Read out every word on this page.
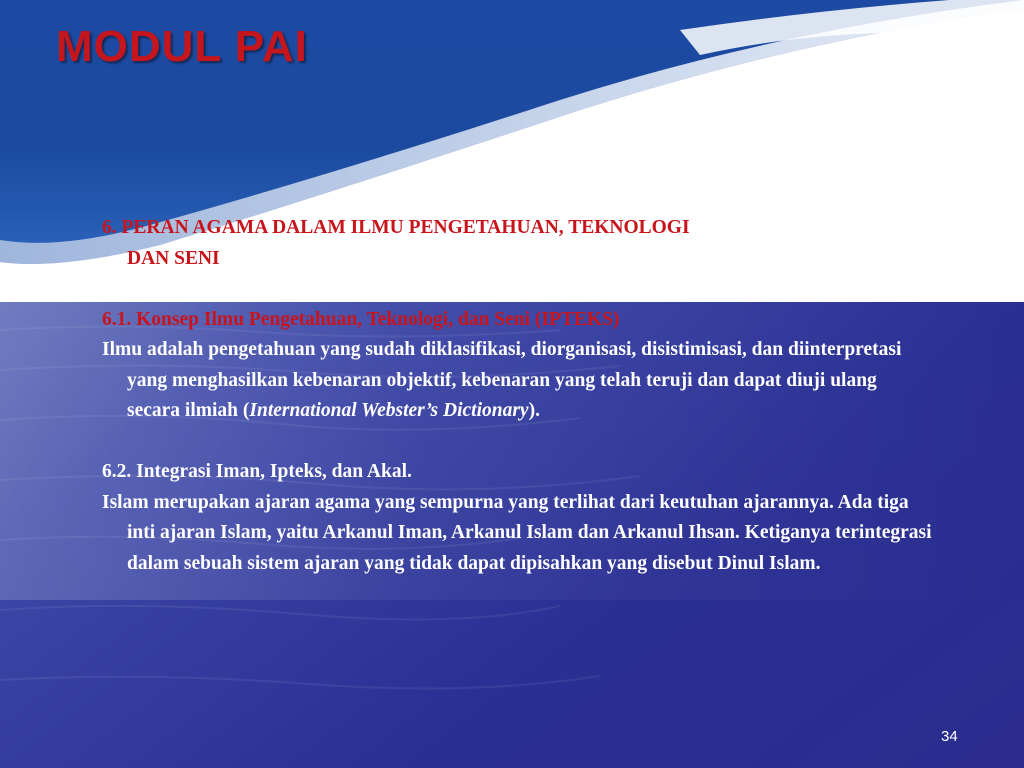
MODUL PAI

6. PERAN AGAMA DALAM ILMU PENGETAHUAN, TEKNOLOGI
DAN SENI

6.1. Konsep Ilmu Pengetahuan, Teknologi, dan Seni (IPTEKS)

Ilmu adalah pengetahuan yang sudah diklasifikasi, diorganisasi, disistimisasi, dan diinterpretasi yang menghasilkan kebenaran objektif, kebenaran yang telah teruji dan dapat diuji ulang secara ilmiah (International Webster’s Dictionary).

6.2. Integrasi Iman, Ipteks, dan Akal.

Islam merupakan ajaran agama yang sempurna yang terlihat dari keutuhan ajarannya. Ada tiga inti ajaran Islam, yaitu Arkanul Iman, Arkanul Islam dan Arkanul Ihsan. Ketiganya terintegrasi dalam sebuah sistem ajaran yang tidak dapat dipisahkan yang disebut Dinul Islam.

34
